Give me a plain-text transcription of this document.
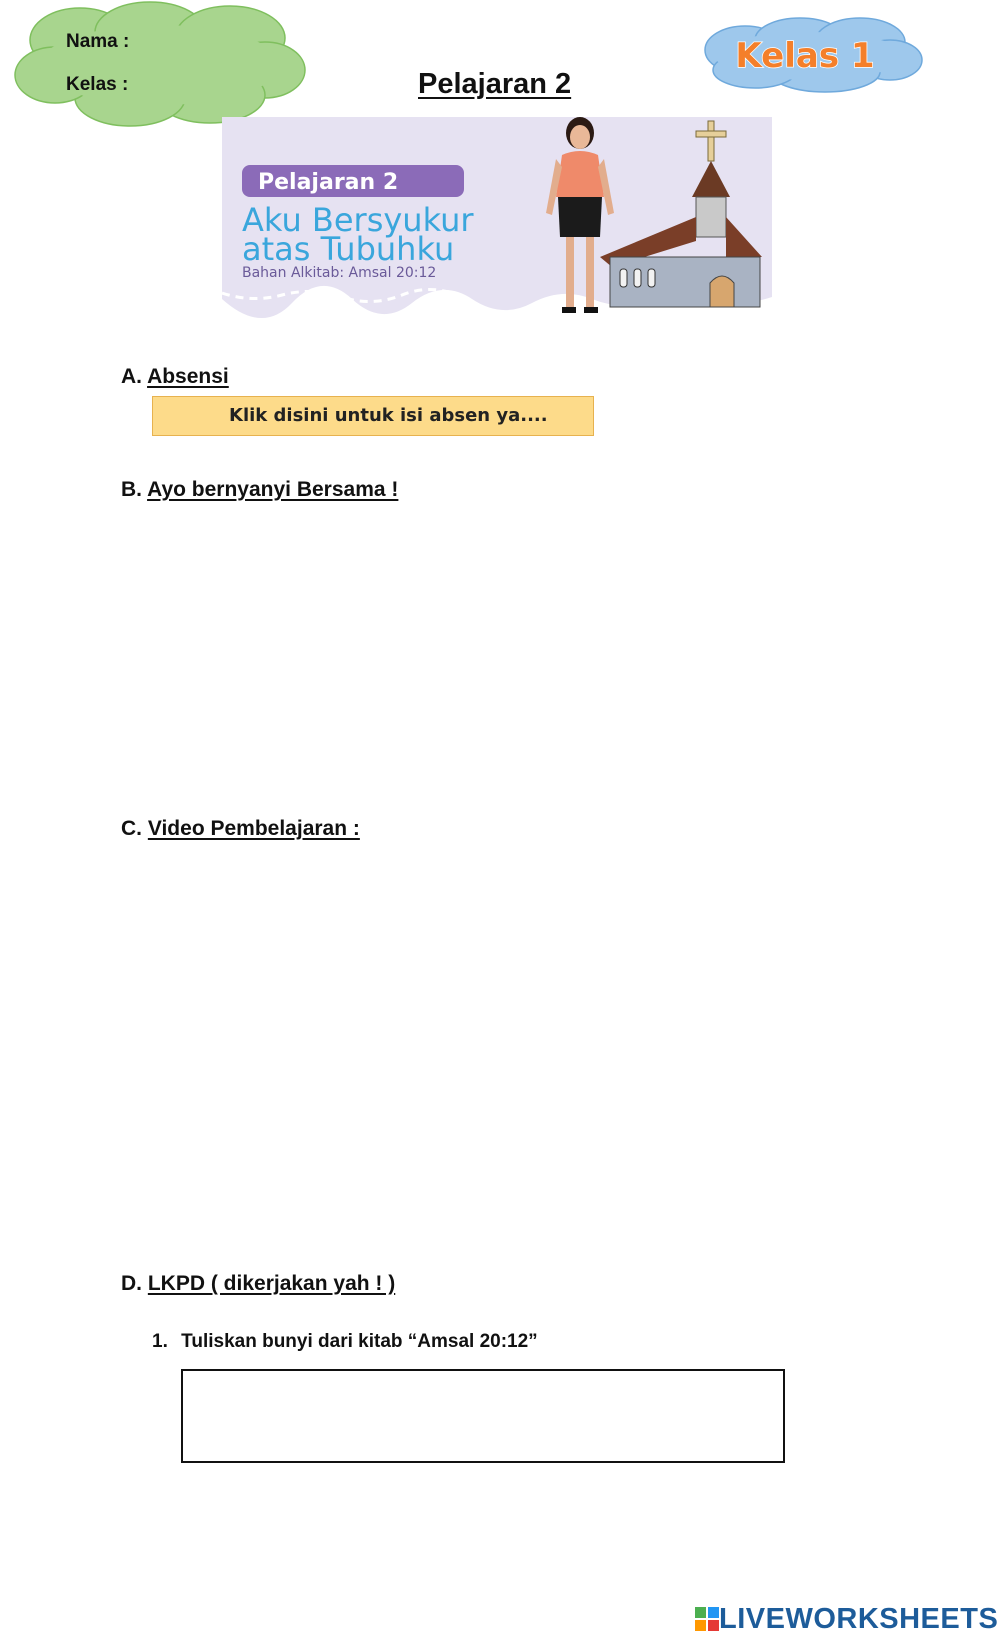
Nama :
Kelas :
Kelas 1
Pelajaran 2
Pelajaran 2
Aku Bersyukur
atas Tubuhku
Bahan Alkitab: Amsal 20:12
A. Absensi
Klik disini untuk isi absen ya....
B. Ayo bernyanyi Bersama !
C. Video Pembelajaran :
D. LKPD ( dikerjakan yah ! )
1. Tuliskan bunyi dari kitab “Amsal 20:12”
LIVEWORKSHEETS
